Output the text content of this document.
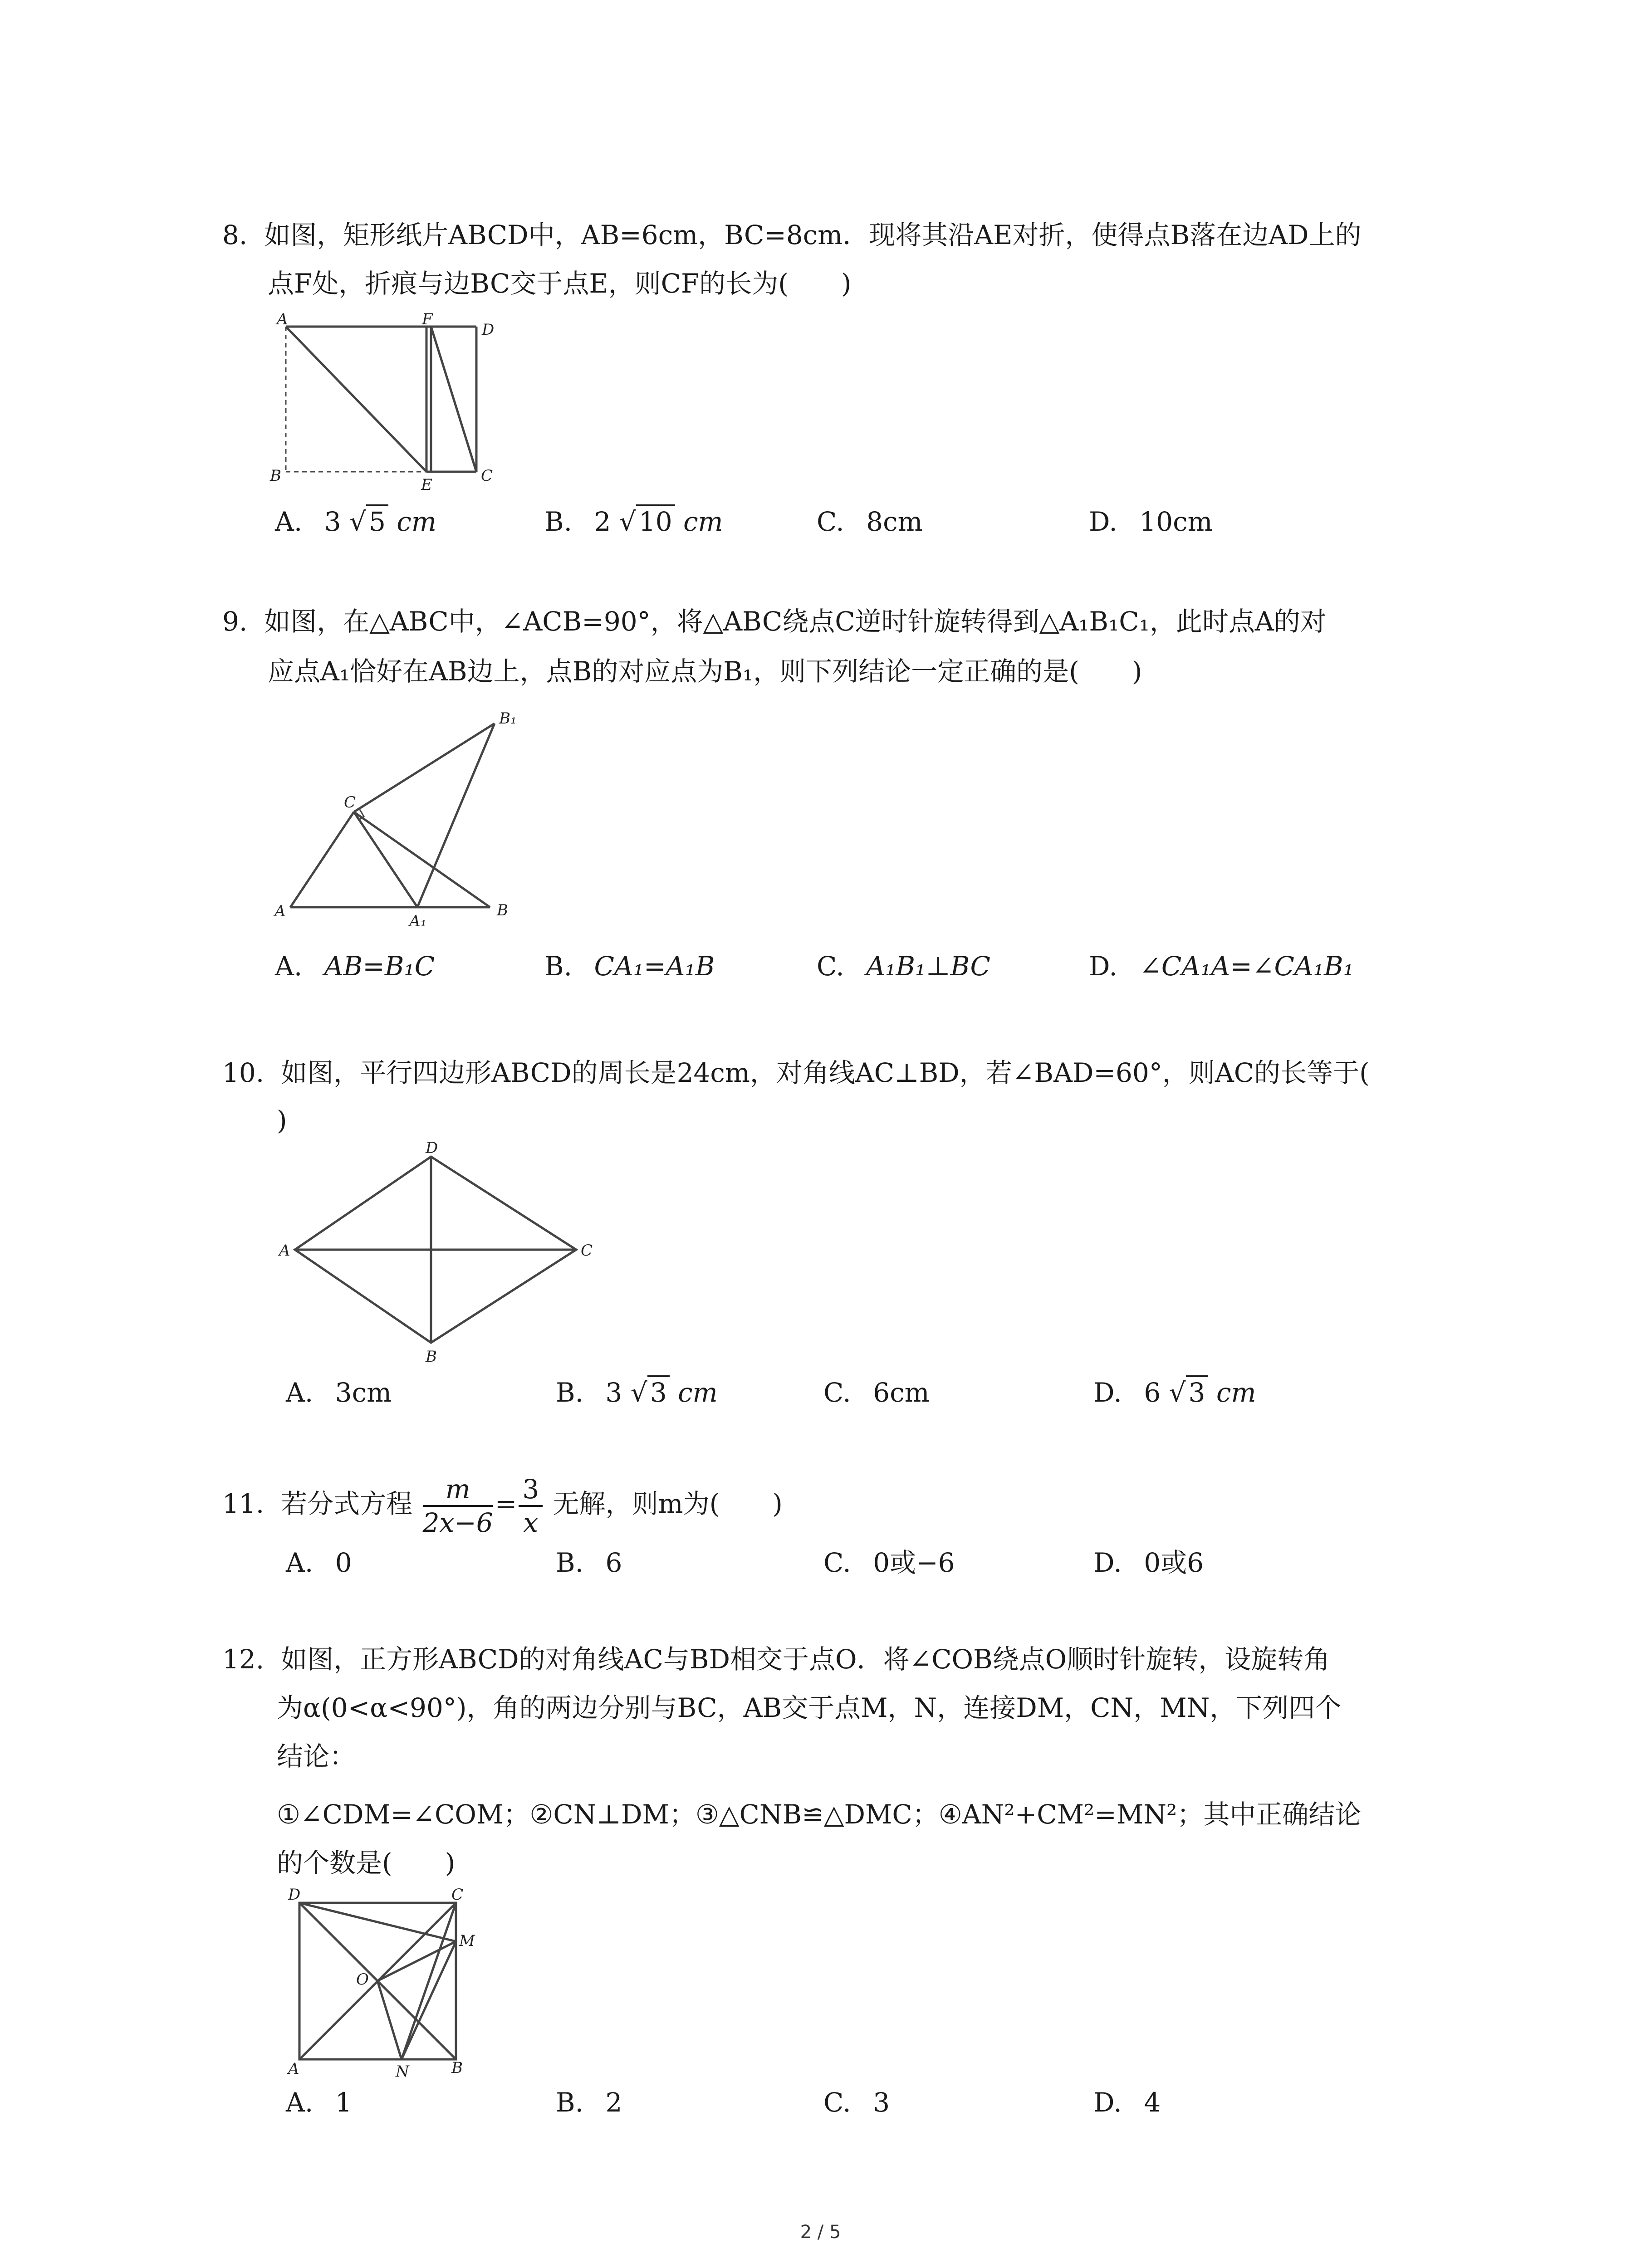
8. 如图，矩形纸片ABCD中，AB=6cm，BC=8cm．现将其沿AE对折，使得点B落在边AD上的
点F处，折痕与边BC交于点E，则CF的长为(　　)
A	F
D
B	E	C
A. 3 √ 5 cm	B. 2 √ 10 cm	C. 8cm	D. 10cm
9. 如图，在△ABC中，∠ACB=90°，将△ABC绕点C逆时针旋转得到△A₁B₁C₁，此时点A的对
应点A₁恰好在AB边上，点B的对应点为B₁，则下列结论一定正确的是(　　)
C
A
A₁
B
B₁
A. AB=B₁C	B. CA₁=A₁B	C. A₁B₁⊥BC	D. ∠CA₁A=∠CA₁B₁
10. 如图，平行四边形ABCD的周长是24cm，对角线AC⊥BD，若∠BAD=60°，则AC的长等于(
)
D
A	C
B
A. 3cm	B. 3 √ 3 cm	C. 6cm	D. 6 √ 3 cm
11. 若分式方程 $\frac{m}{2x-6} = \frac{3}{x}$ 无解，则m为(　　)
A. 0	B. 6	C. 0或−6	D. 0或6
12. 如图，正方形ABCD的对角线AC与BD相交于点O．将∠COB绕点O顺时针旋转，设旋转角
为α(0<α<90°)，角的两边分别与BC，AB交于点M，N，连接DM，CN，MN，下列四个
结论：
①∠CDM=∠COM；②CN⊥DM；③△CNB≌△DMC；④AN²+CM²=MN²；其中正确结论
的个数是(　　)
D	C
M
O
A	N	B
A. 1	B. 2	C. 3	D. 4
2 / 5
